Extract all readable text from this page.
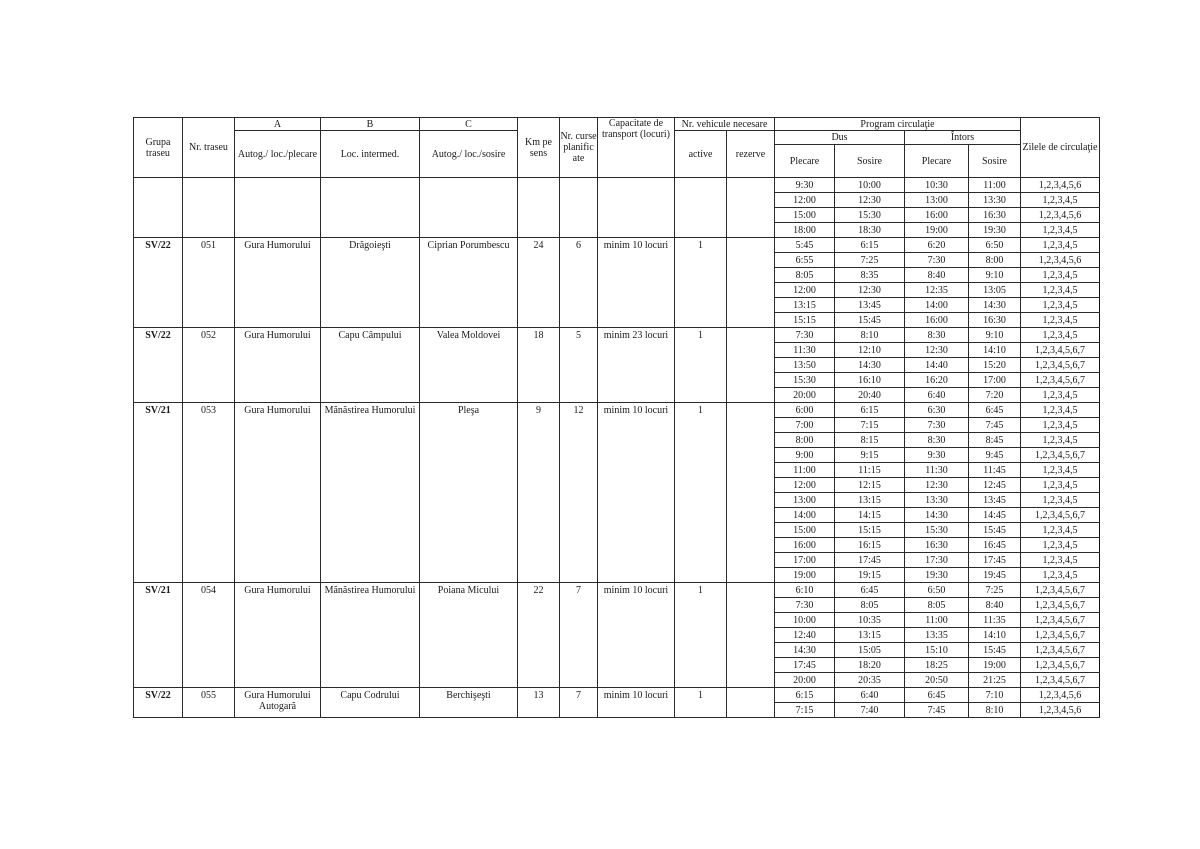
Grupa traseu	Nr. traseu	A	B	C	Km pe sens	Nr. curse planific ate	Capacitate de transport (locuri)	Nr. vehicule necesare		Program circulaţie				Zilele de circulaţie
		Autog./ loc./plecare	Loc. intermed.	Autog./ loc./sosire				active	rezerve	Dus		Întors		
										Plecare	Sosire	Plecare	Sosire	
										9:30	10:00	10:30	11:00	1,2,3,4,5,6
										12:00	12:30	13:00	13:30	1,2,3,4,5
										15:00	15:30	16:00	16:30	1,2,3,4,5,6
										18:00	18:30	19:00	19:30	1,2,3,4,5
SV/22	051	Gura Humorului	Drăgoieşti	Ciprian Porumbescu	24	6	minim 10 locuri	1		5:45	6:15	6:20	6:50	1,2,3,4,5
										6:55	7:25	7:30	8:00	1,2,3,4,5,6
										8:05	8:35	8:40	9:10	1,2,3,4,5
										12:00	12:30	12:35	13:05	1,2,3,4,5
										13:15	13:45	14:00	14:30	1,2,3,4,5
										15:15	15:45	16:00	16:30	1,2,3,4,5
SV/22	052	Gura Humorului	Capu Câmpului	Valea Moldovei	18	5	minim 23 locuri	1		7:30	8:10	8:30	9:10	1,2,3,4,5
										11:30	12:10	12:30	14:10	1,2,3,4,5,6,7
										13:50	14:30	14:40	15:20	1,2,3,4,5,6,7
										15:30	16:10	16:20	17:00	1,2,3,4,5,6,7
										20:00	20:40	6:40	7:20	1,2,3,4,5
SV/21	053	Gura Humorului	Mănăstirea Humorului	Pleşa	9	12	minim 10 locuri	1		6:00	6:15	6:30	6:45	1,2,3,4,5
										7:00	7:15	7:30	7:45	1,2,3,4,5
										8:00	8:15	8:30	8:45	1,2,3,4,5
										9:00	9:15	9:30	9:45	1,2,3,4,5,6,7
										11:00	11:15	11:30	11:45	1,2,3,4,5
										12:00	12:15	12:30	12:45	1,2,3,4,5
										13:00	13:15	13:30	13:45	1,2,3,4,5
										14:00	14:15	14:30	14:45	1,2,3,4,5,6,7
										15:00	15:15	15:30	15:45	1,2,3,4,5
										16:00	16:15	16:30	16:45	1,2,3,4,5
										17:00	17:45	17:30	17:45	1,2,3,4,5
										19:00	19:15	19:30	19:45	1,2,3,4,5
SV/21	054	Gura Humorului	Mănăstirea Humorului	Poiana Micului	22	7	minim 10 locuri	1		6:10	6:45	6:50	7:25	1,2,3,4,5,6,7
										7:30	8:05	8:05	8:40	1,2,3,4,5,6,7
										10:00	10:35	11:00	11:35	1,2,3,4,5,6,7
										12:40	13:15	13:35	14:10	1,2,3,4,5,6,7
										14:30	15:05	15:10	15:45	1,2,3,4,5,6,7
										17:45	18:20	18:25	19:00	1,2,3,4,5,6,7
										20:00	20:35	20:50	21:25	1,2,3,4,5,6,7
SV/22	055	Gura Humorului Autogară	Capu Codrului	Berchişeşti	13	7	minim 10 locuri	1		6:15	6:40	6:45	7:10	1,2,3,4,5,6
										7:15	7:40	7:45	8:10	1,2,3,4,5,6
